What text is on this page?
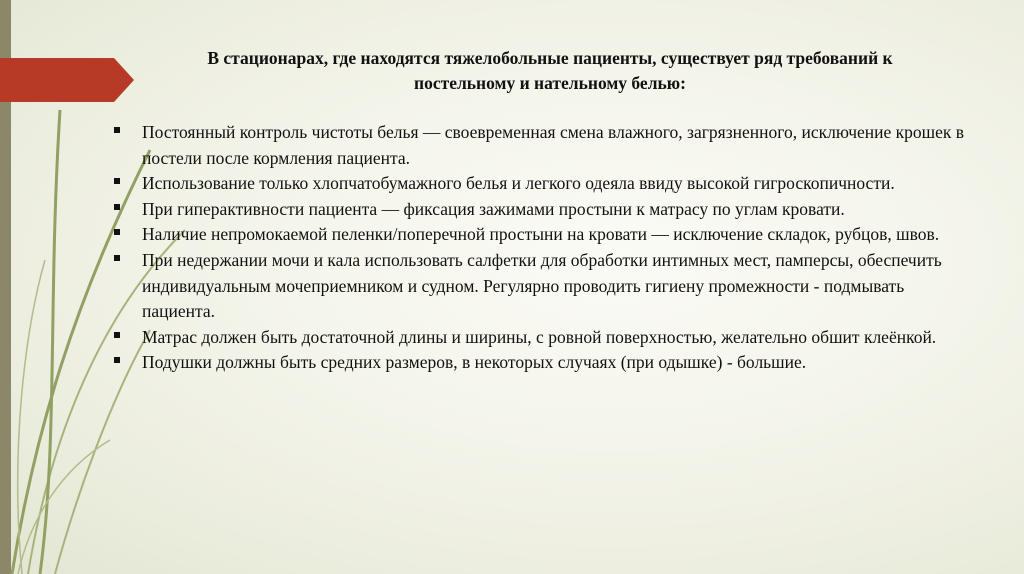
В стационарах, где находятся тяжелобольные пациенты, существует ряд требований к постельному и нательному белью:
Постоянный контроль чистоты белья — своевременная смена влажного, загрязненного, исключение крошек в постели после кормления пациента.
Использование только хлопчатобумажного белья и легкого одеяла ввиду высокой гигроскопичности.
При гиперактивности пациента — фиксация зажимами простыни к матрасу по углам кровати.
Наличие непромокаемой пеленки/поперечной простыни на кровати — исключение складок, рубцов, швов.
При недержании мочи и кала использовать салфетки для обработки интимных мест, памперсы, обеспечить индивидуальным мочеприемником и судном. Регулярно проводить гигиену промежности - подмывать пациента.
Матрас должен быть достаточной длины и ширины, с ровной поверхностью, желательно обшит клеёнкой.
Подушки должны быть средних размеров, в некоторых случаях (при одышке) - большие.
